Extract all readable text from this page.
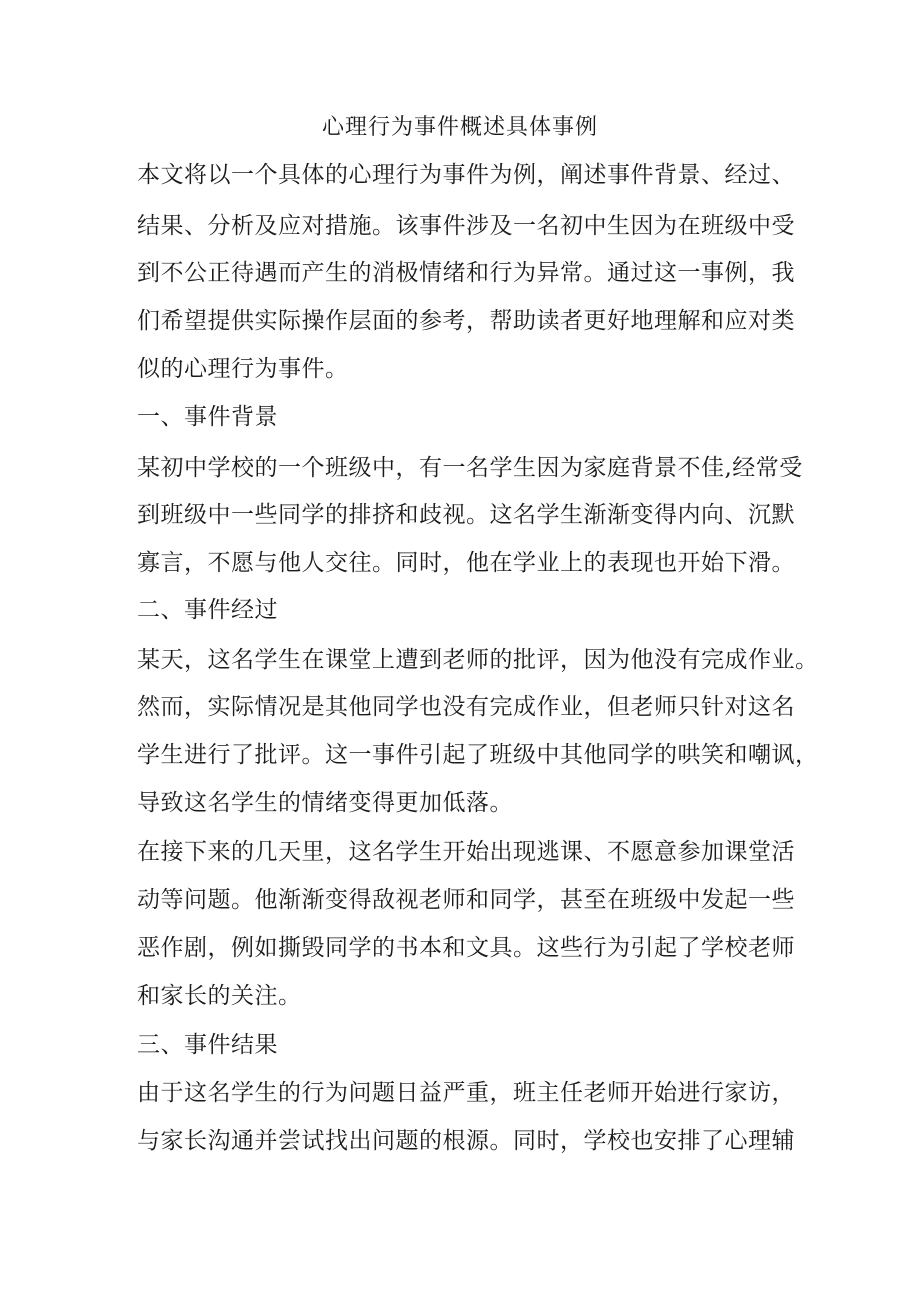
心理行为事件概述具体事例
本文将以一个具体的心理行为事件为例，阐述事件背景、经过、
结果、分析及应对措施。该事件涉及一名初中生因为在班级中受
到不公正待遇而产生的消极情绪和行为异常。通过这一事例，我
们希望提供实际操作层面的参考，帮助读者更好地理解和应对类
似的心理行为事件。
一、事件背景
某初中学校的一个班级中，有一名学生因为家庭背景不佳,经常受
到班级中一些同学的排挤和歧视。这名学生渐渐变得内向、沉默
寡言，不愿与他人交往。同时，他在学业上的表现也开始下滑。
二、事件经过
某天，这名学生在课堂上遭到老师的批评，因为他没有完成作业。
然而，实际情况是其他同学也没有完成作业，但老师只针对这名
学生进行了批评。这一事件引起了班级中其他同学的哄笑和嘲讽，
导致这名学生的情绪变得更加低落。
在接下来的几天里，这名学生开始出现逃课、不愿意参加课堂活
动等问题。他渐渐变得敌视老师和同学，甚至在班级中发起一些
恶作剧，例如撕毁同学的书本和文具。这些行为引起了学校老师
和家长的关注。
三、事件结果
由于这名学生的行为问题日益严重，班主任老师开始进行家访，
与家长沟通并尝试找出问题的根源。同时，学校也安排了心理辅
